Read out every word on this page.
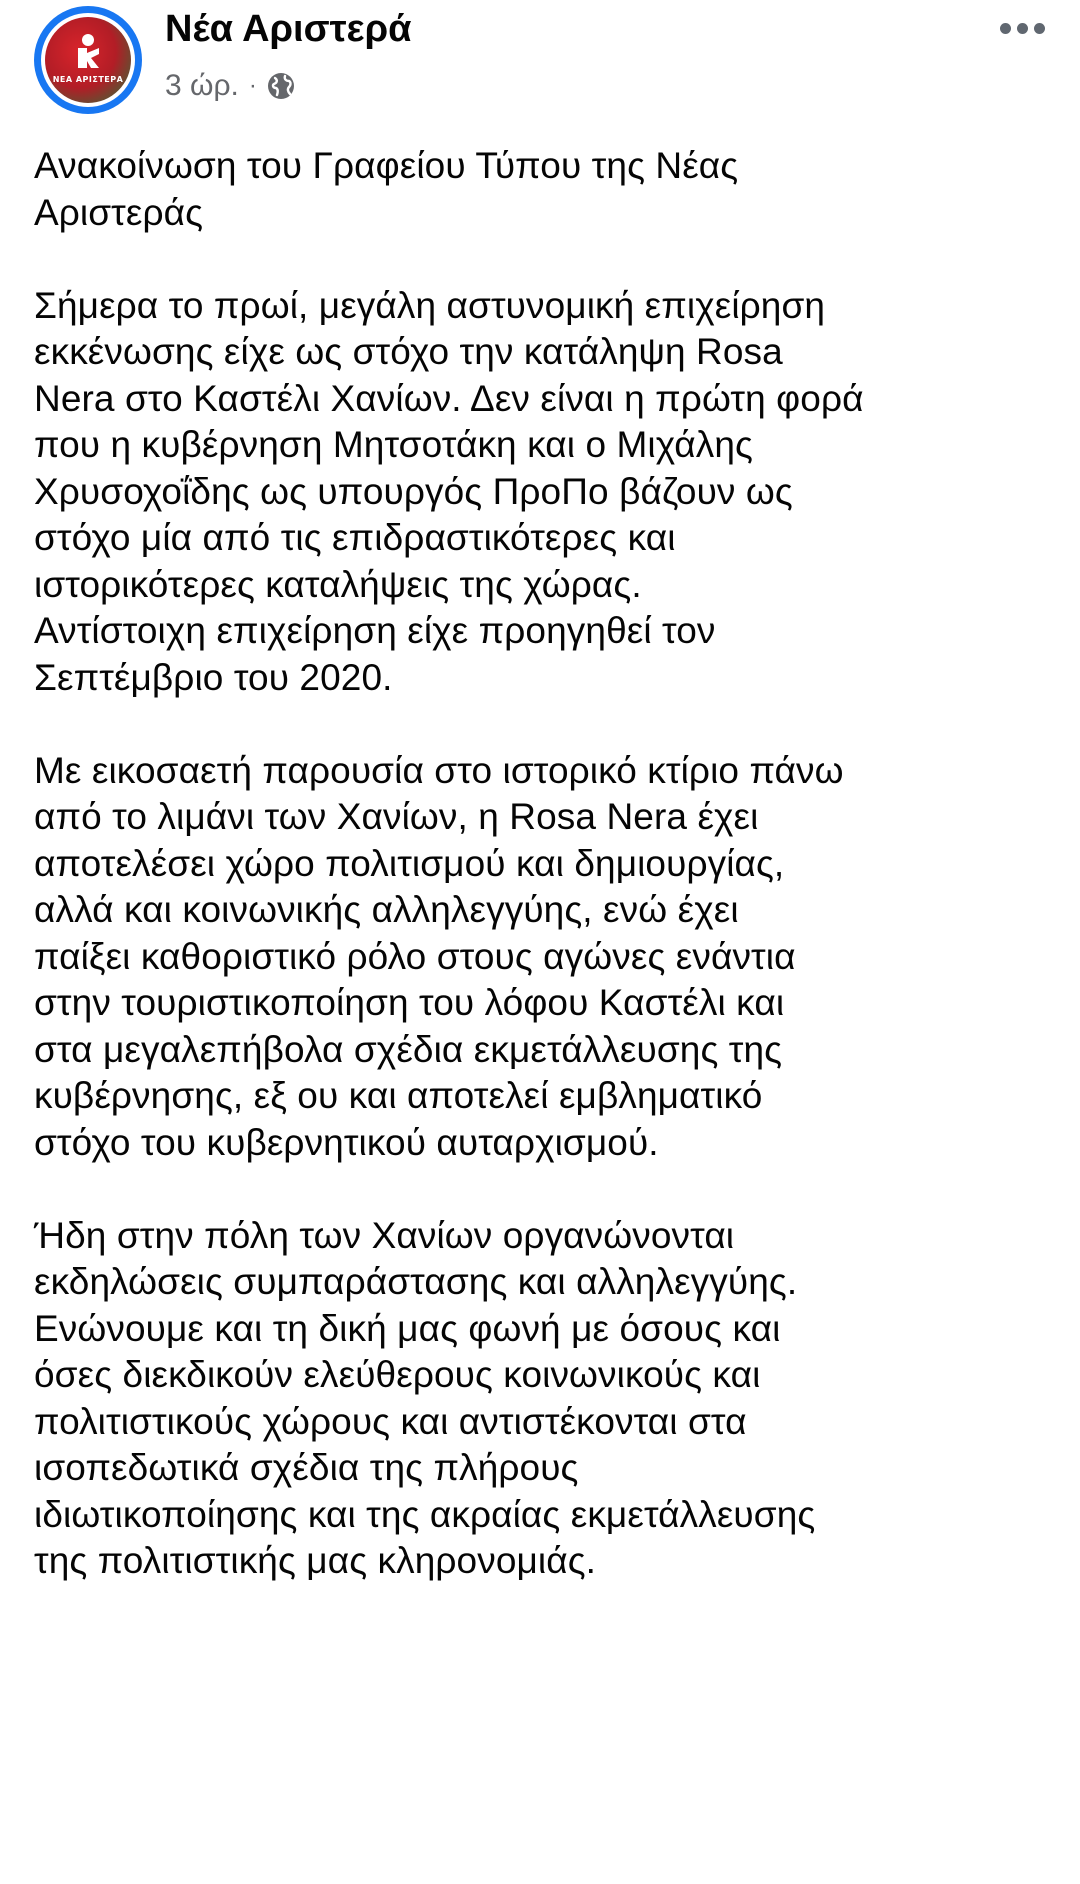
ΝΕΑ ΑΡΙΣΤΕΡΑ
Νέα Αριστερά
3 ώρ. ·

Ανακοίνωση του Γραφείου Τύπου της Νέας
Αριστεράς

Σήμερα το πρωί, μεγάλη αστυνομική επιχείρηση
εκκένωσης είχε ως στόχο την κατάληψη Rosa
Nera στο Καστέλι Χανίων. Δεν είναι η πρώτη φορά
που η κυβέρνηση Μητσοτάκη και ο Μιχάλης
Χρυσοχοΐδης ως υπουργός ΠροΠο βάζουν ως
στόχο μία από τις επιδραστικότερες και
ιστορικότερες καταλήψεις της χώρας.
Αντίστοιχη επιχείρηση είχε προηγηθεί τον
Σεπτέμβριο του 2020.

Με εικοσαετή παρουσία στο ιστορικό κτίριο πάνω
από το λιμάνι των Χανίων, η Rosa Nera έχει
αποτελέσει χώρο πολιτισμού και δημιουργίας,
αλλά και κοινωνικής αλληλεγγύης, ενώ έχει
παίξει καθοριστικό ρόλο στους αγώνες ενάντια
στην τουριστικοποίηση του λόφου Καστέλι και
στα μεγαλεπήβολα σχέδια εκμετάλλευσης της
κυβέρνησης, εξ ου και αποτελεί εμβληματικό
στόχο του κυβερνητικού αυταρχισμού.

Ήδη στην πόλη των Χανίων οργανώνονται
εκδηλώσεις συμπαράστασης και αλληλεγγύης.
Ενώνουμε και τη δική μας φωνή με όσους και
όσες διεκδικούν ελεύθερους κοινωνικούς και
πολιτιστικούς χώρους και αντιστέκονται στα
ισοπεδωτικά σχέδια της πλήρους
ιδιωτικοποίησης και της ακραίας εκμετάλλευσης
της πολιτιστικής μας κληρονομιάς.
